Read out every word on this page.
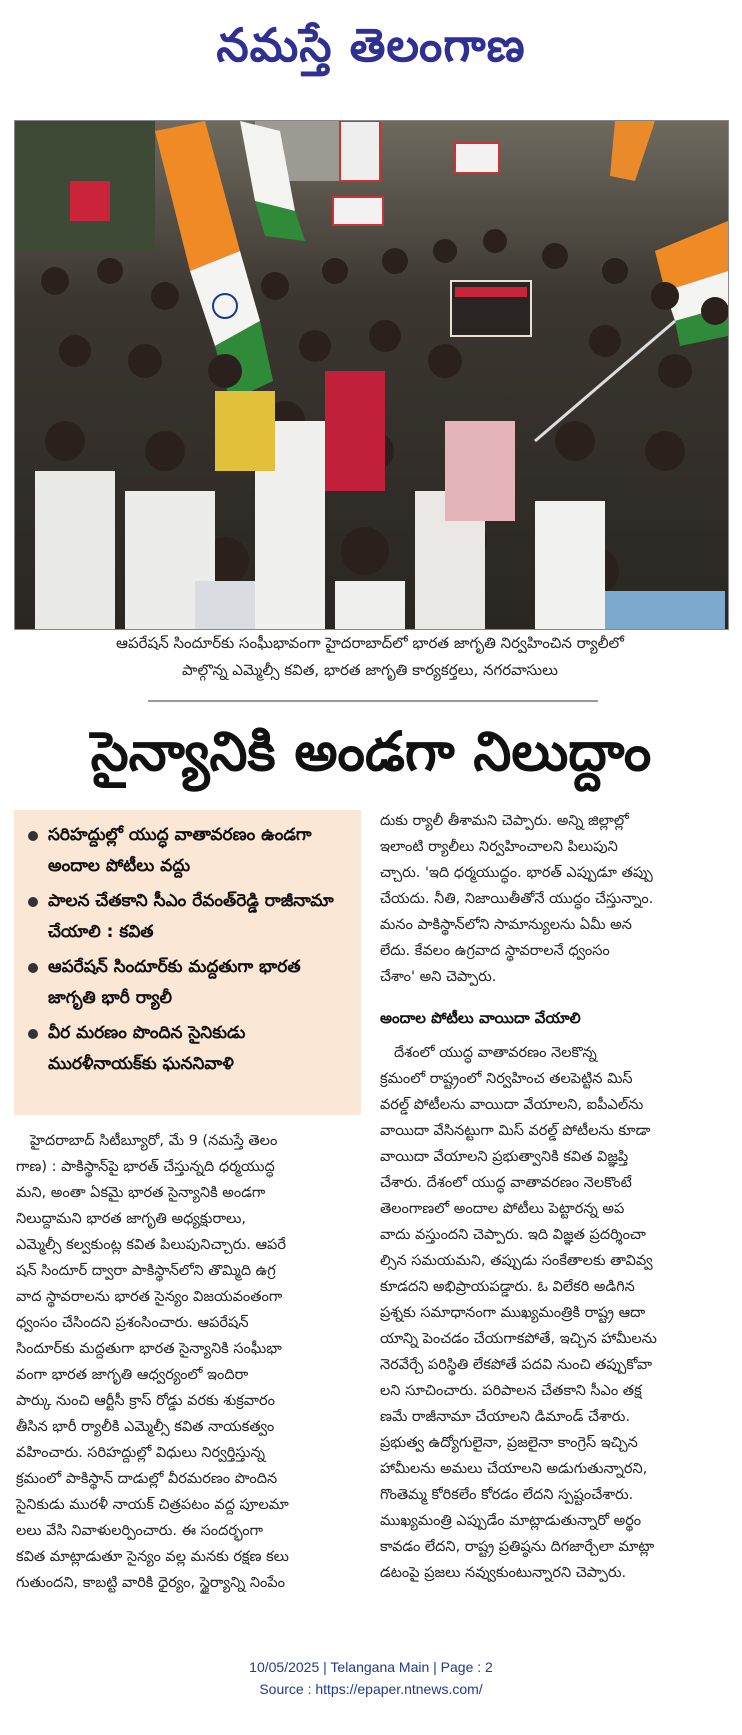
నమస్తే తెలంగాణ
ఆపరేషన్ సిందూర్‌కు సంఘీభావంగా హైదరాబాద్‌లో భారత జాగృతి నిర్వహించిన ర్యాలీలో
పాల్గొన్న ఎమ్మెల్సీ కవిత, భారత జాగృతి కార్యకర్తలు, నగరవాసులు
సైన్యానికి అండగా నిలుద్దాం
సరిహద్దుల్లో యుద్ధ వాతావరణం ఉండగా అందాల పోటీలు వద్దు
పాలన చేతకాని సీఎం రేవంత్‌రెడ్డి రాజీనామా చేయాలి : కవిత
ఆపరేషన్ సిందూర్‌కు మద్దతుగా భారత జాగృతి భారీ ర్యాలీ
వీర మరణం పొందిన సైనికుడు మురళీనాయక్‌కు ఘననివాళి
హైదరాబాద్ సిటీబ్యూరో, మే 9 (నమస్తే తెలం
గాణ) : పాకిస్థాన్‌పై భారత్ చేస్తున్నది ధర్మయుద్ధ
మని, అంతా ఏకమై భారత సైన్యానికి అండగా
నిలుద్దామని భారత జాగృతి అధ్యక్షురాలు,
ఎమ్మెల్సీ కల్వకుంట్ల కవిత పిలుపునిచ్చారు. ఆపరే
షన్ సిందూర్ ద్వారా పాకిస్థాన్‌లోని తొమ్మిది ఉగ్ర
వాద స్థావరాలను భారత సైన్యం విజయవంతంగా
ధ్వంసం చేసిందని ప్రశంసించారు. ఆపరేషన్
సిందూర్‌కు మద్దతుగా భారత సైన్యానికి సంఘీభా
వంగా భారత జాగృతి ఆధ్వర్యంలో ఇందిరా
పార్కు నుంచి ఆర్టీసీ క్రాస్ రోడ్డు వరకు శుక్రవారం
తీసిన భారీ ర్యాలీకి ఎమ్మెల్సీ కవిత నాయకత్వం
వహించారు. సరిహద్దుల్లో విధులు నిర్వర్తిస్తున్న
క్రమంలో పాకిస్థాన్ దాడుల్లో వీరమరణం పొందిన
సైనికుడు మురళీ నాయక్ చిత్రపటం వద్ద పూలమా
లలు వేసి నివాళులర్పించారు. ఈ సందర్భంగా
కవిత మాట్లాడుతూ సైన్యం వల్ల మనకు రక్షణ కలు
గుతుందని, కాబట్టి వారికి ధైర్యం, స్థైర్యాన్ని నింపేం
దుకు ర్యాలీ తీశామని చెప్పారు. అన్ని జిల్లాల్లో
ఇలాంటి ర్యాలీలు నిర్వహించాలని పిలుపుని
చ్చారు. 'ఇది ధర్మయుద్ధం. భారత్ ఎప్పుడూ తప్పు
చేయదు. నీతి, నిజాయితీతోనే యుద్ధం చేస్తున్నాం.
మనం పాకిస్థాన్‌లోని సామాన్యులను ఏమీ అన
లేదు. కేవలం ఉగ్రవాద స్థావరాలనే ధ్వంసం
చేశాం' అని చెప్పారు.
అందాల పోటీలు వాయిదా వేయాలి
దేశంలో యుద్ధ వాతావరణం నెలకొన్న
క్రమంలో రాష్ట్రంలో నిర్వహించ తలపెట్టిన మిస్
వరల్డ్ పోటీలను వాయిదా వేయాలని, ఐపీఎల్‌ను
వాయిదా వేసినట్టుగా మిస్ వరల్డ్ పోటీలను కూడా
వాయిదా వేయాలని ప్రభుత్వానికి కవిత విజ్ఞప్తి
చేశారు. దేశంలో యుద్ధ వాతావరణం నెలకొంటే
తెలంగాణలో అందాల పోటీలు పెట్టారన్న అప
వాదు వస్తుందని చెప్పారు. ఇది విజ్ఞత ప్రదర్శించా
ల్సిన సమయమని, తప్పుడు సంకేతాలకు తావివ్వ
కూడదని అభిప్రాయపడ్డారు. ఓ విలేకరి అడిగిన
ప్రశ్నకు సమాధానంగా ముఖ్యమంత్రికి రాష్ట్ర ఆదా
యాన్ని పెంచడం చేయగాకపోతే, ఇచ్చిన హామీలను
నెరవేర్చే పరిస్థితి లేకపోతే పదవి నుంచి తప్పుకోవా
లని సూచించారు. పరిపాలన చేతకాని సీఎం తక్ష
ణమే రాజీనామా చేయాలని డిమాండ్ చేశారు.
ప్రభుత్వ ఉద్యోగులైనా, ప్రజలైనా కాంగ్రెస్ ఇచ్చిన
హామీలను అమలు చేయాలని అడుగుతున్నారని,
గొంతెమ్మ కోరికలేం కోరడం లేదని స్పష్టంచేశారు.
ముఖ్యమంత్రి ఎప్పుడేం మాట్లాడుతున్నారో అర్థం
కావడం లేదని, రాష్ట్ర ప్రతిష్ఠను దిగజార్చేలా మాట్లా
డటంపై ప్రజలు నవ్వుకుంటున్నారని చెప్పారు.
10/05/2025 | Telangana Main | Page : 2
Source : https://epaper.ntnews.com/
